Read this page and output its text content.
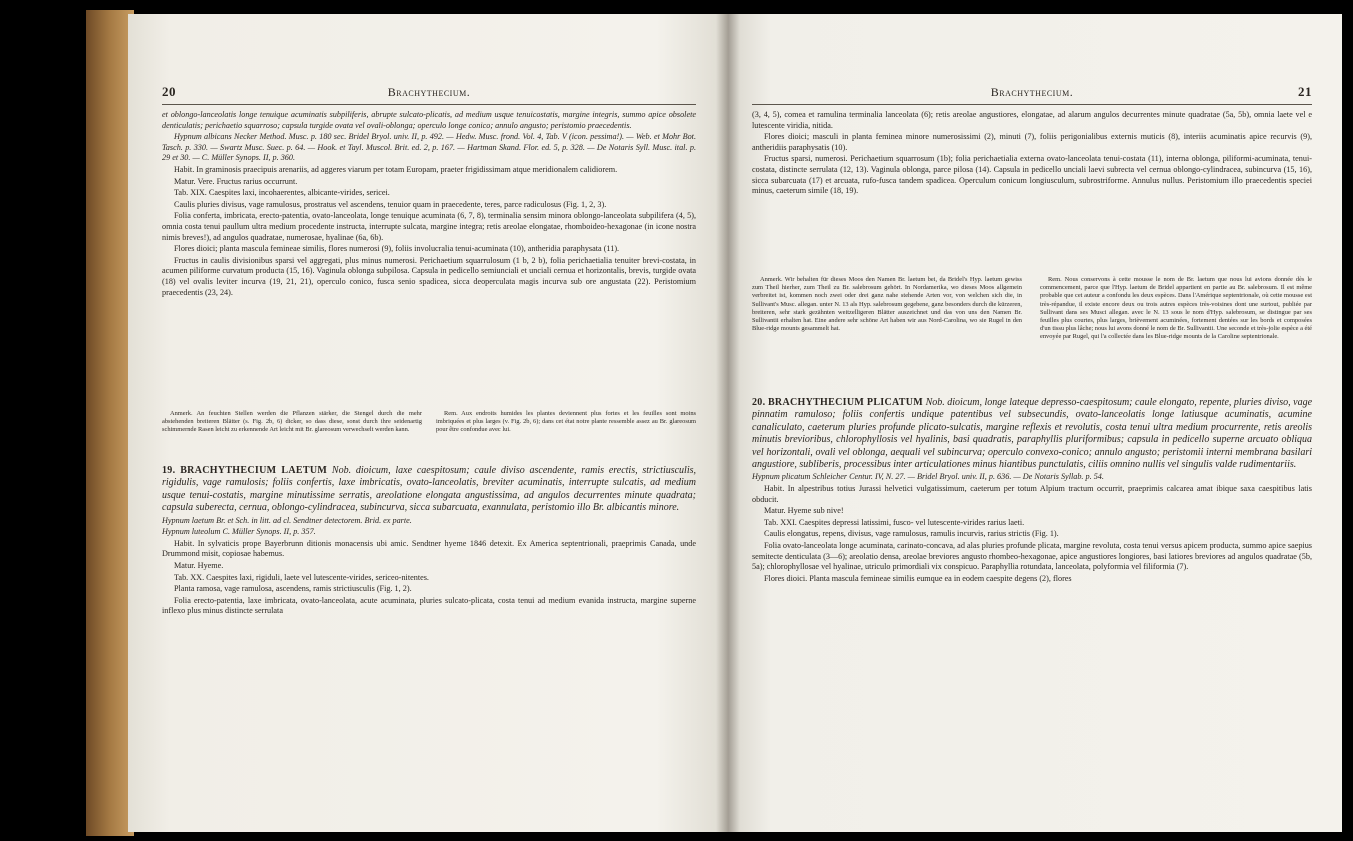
20	Brachythecium.

et oblongo-lanceolatis longe tenuique acuminatis subpiliferis, abrupte sulcato-plicatis, ad medium usque tenuicostatis, margine integris, summo apice obsolete denticulatis; perichaetio squarroso; capsula turgide ovata vel ovali-oblonga; operculo longe conico; annulo angusto; peristomio praecedentis.

Hypnum albicans Necker Method. Musc. p. 180 sec. Bridel Bryol. univ. II, p. 492. — Hedw. Musc. frond. Vol. 4, Tab. V (icon. pessima!). — Web. et Mohr Bot. Tasch. p. 330. — Swartz Musc. Suec. p. 64. — Hook. et Tayl. Muscol. Brit. ed. 2, p. 167. — Hartman Skand. Flor. ed. 5, p. 328. — De Notaris Syll. Musc. ital. p. 29 et 30. — C. Müller Synops. II, p. 360.

Habit. In graminosis praecipuis arenariis, ad aggeres viarum per totam Europam, praeter frigidissimam atque meridionalem calidiorem.

Matur. Vere. Fructus rarius occurrunt.

Tab. XIX. Caespites laxi, incohaerentes, albicante-virides, sericei.

Caulis pluries divisus, vage ramulosus, prostratus vel ascendens, tenuior quam in praecedente, teres, parce radiculosus (Fig. 1, 2, 3).

Folia conferta, imbricata, erecto-patentia, ovato-lanceolata, longe tenuique acuminata (6, 7, 8), terminalia sensim minora oblongo-lanceolata subpilifera (4, 5), omnia costa tenui paullum ultra medium procedente instructa, interrupte sulcata, margine integra; retis areolae elongatae, rhomboideo-hexagonae (in icone nostra nimis breves!), ad angulos quadratae, numerosae, hyalinae (6a, 6b).

Flores dioici; planta mascula femineae similis, flores numerosi (9), foliis involucralia tenui-acuminata (10), antheridia paraphysata (11).

Fructus in caulis divisionibus sparsi vel aggregati, plus minus numerosi. Perichaetium squarrulosum (1 b, 2 b), folia perichaetialia tenuiter brevi-costata, in acumen piliforme curvatum producta (15, 16). Vaginula oblonga subpilosa. Capsula in pedicello semiunciali et unciali cernua et horizontalis, brevis, turgide ovata (18) vel ovalis leviter incurva (19, 21, 21), operculo conico, fusca senio spadicea, sicca deoperculata magis incurva sub ore angustata (22). Peristomium praecedentis (23, 24).

Anmerk. An feuchten Stellen werden die Pflanzen stärker, die Stengel durch die mehr abstehenden breiteren Blätter (s. Fig. 2b, 6) dicker, so dass diese, sonst durch ihre seidenartig schimmernde Rasen leicht zu erkennende Art leicht mit Br. glareosum verwechselt werden kann.

Rem. Aux endroits humides les plantes deviennent plus fortes et les feuilles sont moins imbriquées et plus larges (v. Fig. 2b, 6); dans cet état notre plante ressemble assez au Br. glareosum pour être confondue avec lui.

19. BRACHYTHECIUM LAETUM Nob. dioicum, laxe caespitosum; caule diviso ascendente, ramis erectis, strictiusculis, rigidulis, vage ramulosis; foliis confertis, laxe imbricatis, ovato-lanceolatis, breviter acuminatis, interrupte sulcatis, ad medium usque tenui-costatis, margine minutissime serratis, areolatione elongata angustissima, ad angulos decurrentes minute quadrata; capsula suberecta, cernua, oblongo-cylindracea, subincurva, sicca subarcuata, exannulata, peristomio illo Br. albicantis minore.

Hypnum laetum Br. et Sch. in litt. ad cl. Sendtner detectorem. Brid. ex parte.

Hypnum luteolum C. Müller Synops. II, p. 357.

Habit. In sylvaticis prope Bayerbrunn ditionis monacensis ubi amic. Sendtner hyeme 1846 detexit. Ex America septentrionali, praeprimis Canada, unde Drummond misit, copiosae habemus.

Matur. Hyeme.

Tab. XX. Caespites laxi, rigiduli, laete vel lutescente-virides, sericeo-nitentes.

Planta ramosa, vage ramulosa, ascendens, ramis strictiusculis (Fig. 1, 2).

Folia erecto-patentia, laxe imbricata, ovato-lanceolata, acute acuminata, pluries sulcato-plicata, costa tenui ad medium evanida instructa, margine superne inflexo plus minus distincte serrulata

Brachythecium.	21

(3, 4, 5), comea et ramulina terminalia lanceolata (6); retis areolae angustiores, elongatae, ad alarum angulos decurrentes minute quadratae (5a, 5b), omnia laete vel e lutescente viridia, nitida.

Flores dioici; masculi in planta feminea minore numerosissimi (2), minuti (7), foliis perigonialibus externis muticis (8), interiis acuminatis apice recurvis (9), antheridiis paraphysatis (10).

Fructus sparsi, numerosi. Perichaetium squarrosum (1b); folia perichaetialia externa ovato-lanceolata tenui-costata (11), interna oblonga, piliformi-acuminata, tenui-costata, distincte serrulata (12, 13). Vaginula oblonga, parce pilosa (14). Capsula in pedicello unciali laevi subrecta vel cernua oblongo-cylindracea, subincurva (15, 16), sicca subarcuata (17) et arcuata, rufo-fusca tandem spadicea. Operculum conicum longiusculum, subrostriforme. Annulus nullus. Peristomium illo praecedentis speciei minus, caeterum simile (18, 19).

Anmerk. Wir behalten für dieses Moos den Namen Br. laetum bei, da Bridel's Hyp. laetum gewiss zum Theil hierher, zum Theil zu Br. salebrosum gehört. In Nordamerika, wo dieses Moos allgemein verbreitet ist, kommen noch zwei oder drei ganz nahe stehende Arten vor, von welchen sich die, in Sullivant's Musc. allegan. unter N. 13 als Hyp. salebrosum gegebene, ganz besonders durch die kürzeren, breiteren, sehr stark gezähnten weitzelligeren Blätter auszeichnet und das von uns den Namen Br. Sullivantii erhalten hat. Eine andere sehr schöne Art haben wir aus Nord-Carolina, wo sie Rugel in den Blue-ridge mounts gesammelt hat.

Rem. Nous conservons à cette mousse le nom de Br. laetum que nous lui avions donnée dès le commencement, parce que l'Hyp. laetum de Bridel appartient en partie au Br. salebrosum. Il est même probable que cet auteur a confondu les deux espèces. Dans l'Amérique septentrionale, où cette mousse est très-répandue, il existe encore deux ou trois autres espèces très-voisines dont une surtout, publiée par Sullivant dans ses Musci allegan. avec le N. 13 sous le nom d'Hyp. salebrosum, se distingue par ses feuilles plus courtes, plus larges, brièvement acuminées, fortement dentées sur les bords et composées d'un tissu plus lâche; nous lui avons donné le nom de Br. Sullivantii. Une seconde et très-jolie espèce a été envoyée par Rugel, qui l'a collectée dans les Blue-ridge mounts de la Caroline septentrionale.

20. BRACHYTHECIUM PLICATUM Nob. dioicum, longe lateque depresso-caespitosum; caule elongato, repente, pluries diviso, vage pinnatim ramuloso; foliis confertis undique patentibus vel subsecundis, ovato-lanceolatis longe latiusque acuminatis, acumine canaliculato, caeterum pluries profunde plicato-sulcatis, margine reflexis et revolutis, costa tenui ultra medium procurrente, retis areolis minutis brevioribus, chlorophyllosis vel hyalinis, basi quadratis, paraphyllis pluriformibus; capsula in pedicello superne arcuato obliqua vel horizontali, ovali vel oblonga, aequali vel subincurva; operculo convexo-conico; annulo angusto; peristomii interni membrana basilari angustiore, subliberis, processibus inter articulationes minus hiantibus punctulatis, ciliis omnino nullis vel singulis valde rudimentariis.

Hypnum plicatum Schleicher Centur. IV, N. 27. — Bridel Bryol. univ. II, p. 636. — De Notaris Syllab. p. 54.

Habit. In alpestribus totius Jurassi helvetici vulgatissimum, caeterum per totum Alpium tractum occurrit, praeprimis calcarea amat ibique saxa caespitibus latis obducit.

Matur. Hyeme sub nive!

Tab. XXI. Caespites depressi latissimi, fusco- vel lutescente-virides rarius laeti.

Caulis elongatus, repens, divisus, vage ramulosus, ramulis incurvis, rarius strictis (Fig. 1).

Folia ovato-lanceolata longe acuminata, carinato-concava, ad alas pluries profunde plicata, margine revoluta, costa tenui versus apicem producta, summo apice saepius semitecte denticulata (3—6); areolatio densa, areolae breviores angusto rhombeo-hexagonae, apice angustiores longiores, basi latiores breviores ad angulos quadratae (5b, 5a); chlorophyllosae vel hyalinae, utriculo primordiali vix conspicuo. Paraphyllia rotundata, lanceolata, polyformia vel filiformia (7).

Flores dioici. Planta mascula femineae similis eumque ea in eodem caespite degens (2), flores
